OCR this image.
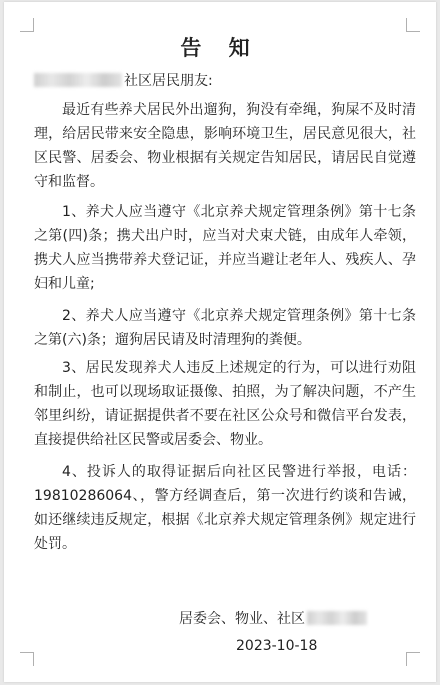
告 知
社区居民朋友:

最近有些养犬居民外出遛狗，狗没有牵绳，狗屎不及时清理，给居民带来安全隐患，影响环境卫生，居民意见很大，社区民警、居委会、物业根据有关规定告知居民，请居民自觉遵守和监督。

1、养犬人应当遵守《北京养犬规定管理条例》第十七条之第(四)条；携犬出户时，应当对犬束犬链，由成年人牵领，携犬人应当携带养犬登记证，并应当避让老年人、残疾人、孕妇和儿童;

2、养犬人应当遵守《北京养犬规定管理条例》第十七条之第(六)条；遛狗居民请及时清理狗的粪便。

3、居民发现养犬人违反上述规定的行为，可以进行劝阻和制止，也可以现场取证摄像、拍照，为了解决问题，不产生邻里纠纷，请证据提供者不要在社区公众号和微信平台发表，直接提供给社区民警或居委会、物业。

4、投诉人的取得证据后向社区民警进行举报，电话：19810286064、，警方经调查后，第一次进行约谈和告诫，如还继续违反规定，根据《北京养犬规定管理条例》规定进行处罚。

居委会、物业、社区
2023-10-18
